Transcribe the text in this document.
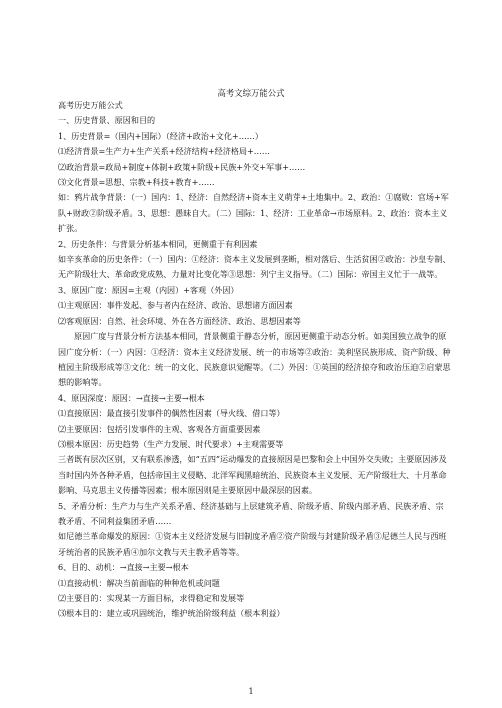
高考文综万能公式

高考历史万能公式

一、历史背景、原因和目的

1、历史背景=（国内+国际）（经济+政治+文化+……）

⑴经济背景=生产力+生产关系+经济结构+经济格局+……

⑵政治背景=政局+制度+体制+政策+阶级+民族+外交+军事+……

⑶文化背景=思想、宗教+科技+教育+……

如：鸦片战争背景：（一）国内：1、经济：自然经济+资本主义萌芽+土地集中。2、政治：①腐败：官场+军队+财政②阶级矛盾。3、思想：愚昧自大。（二）国际：1、经济：工业革命→市场原料。2、政治：资本主义扩张。

2、历史条件：与背景分析基本相同，更侧重于有利因素

如辛亥革命的历史条件：（一）国内：①经济：资本主义发展到垄断，相对落后、生活贫困②政治：沙皇专制、无产阶级壮大、革命政党成熟、力量对比变化等③思想：列宁主义指导。（二）国际：帝国主义忙于一战等。

3、原因广度：原因=主观（内因）+客观（外因）

⑴主观原因：事件发起、参与者内在经济、政治、思想诸方面因素

⑵客观原因：自然、社会环境、外在各方面经济、政治、思想因素等

原因广度与背景分析方法基本相同，背景侧重于静态分析，原因更侧重于动态分析。如美国独立战争的原因广度分析：（一）内因：①经济：资本主义经济发展、统一的市场等②政治：美利坚民族形成、资产阶级、种植园主阶级形成等③文化：统一的文化、民族意识觉醒等。（二）外因：①英国的经济掠夺和政治压迫②启蒙思想的影响等。

4、原因深度：原因：→直接→主要→根本

⑴直接原因：最直接引发事件的偶然性因素（导火线、借口等）

⑵主要原因：包括引发事件的主观、客观各方面重要因素

⑶根本原因：历史趋势（生产力发展、时代要求）+主观需要等

三者既有层次区别，又有联系渗透，如“五四”运动爆发的直接原因是巴黎和会上中国外交失败；主要原因涉及当时国内外各种矛盾，包括帝国主义侵略、北洋军阀黑暗统治、民族资本主义发展、无产阶级壮大、十月革命影响、马克思主义传播等因素；根本原因则是主要原因中最深层的因素。

5、矛盾分析：生产力与生产关系矛盾、经济基础与上层建筑矛盾、阶级矛盾、阶级内部矛盾、民族矛盾、宗教矛盾、不同利益集团矛盾……

如尼德兰革命爆发的原因：①资本主义经济发展与旧制度矛盾②资产阶级与封建阶级矛盾③尼德兰人民与西班牙统治者的民族矛盾④加尔文教与天主教矛盾等等。

6、目的、动机：→直接→主要→根本

⑴直接动机：解决当前面临的种种危机或问题

⑵主要目的：实现某一方面目标，求得稳定和发展等

⑶根本目的：建立或巩固统治，维护统治阶级利益（根本利益）

1
